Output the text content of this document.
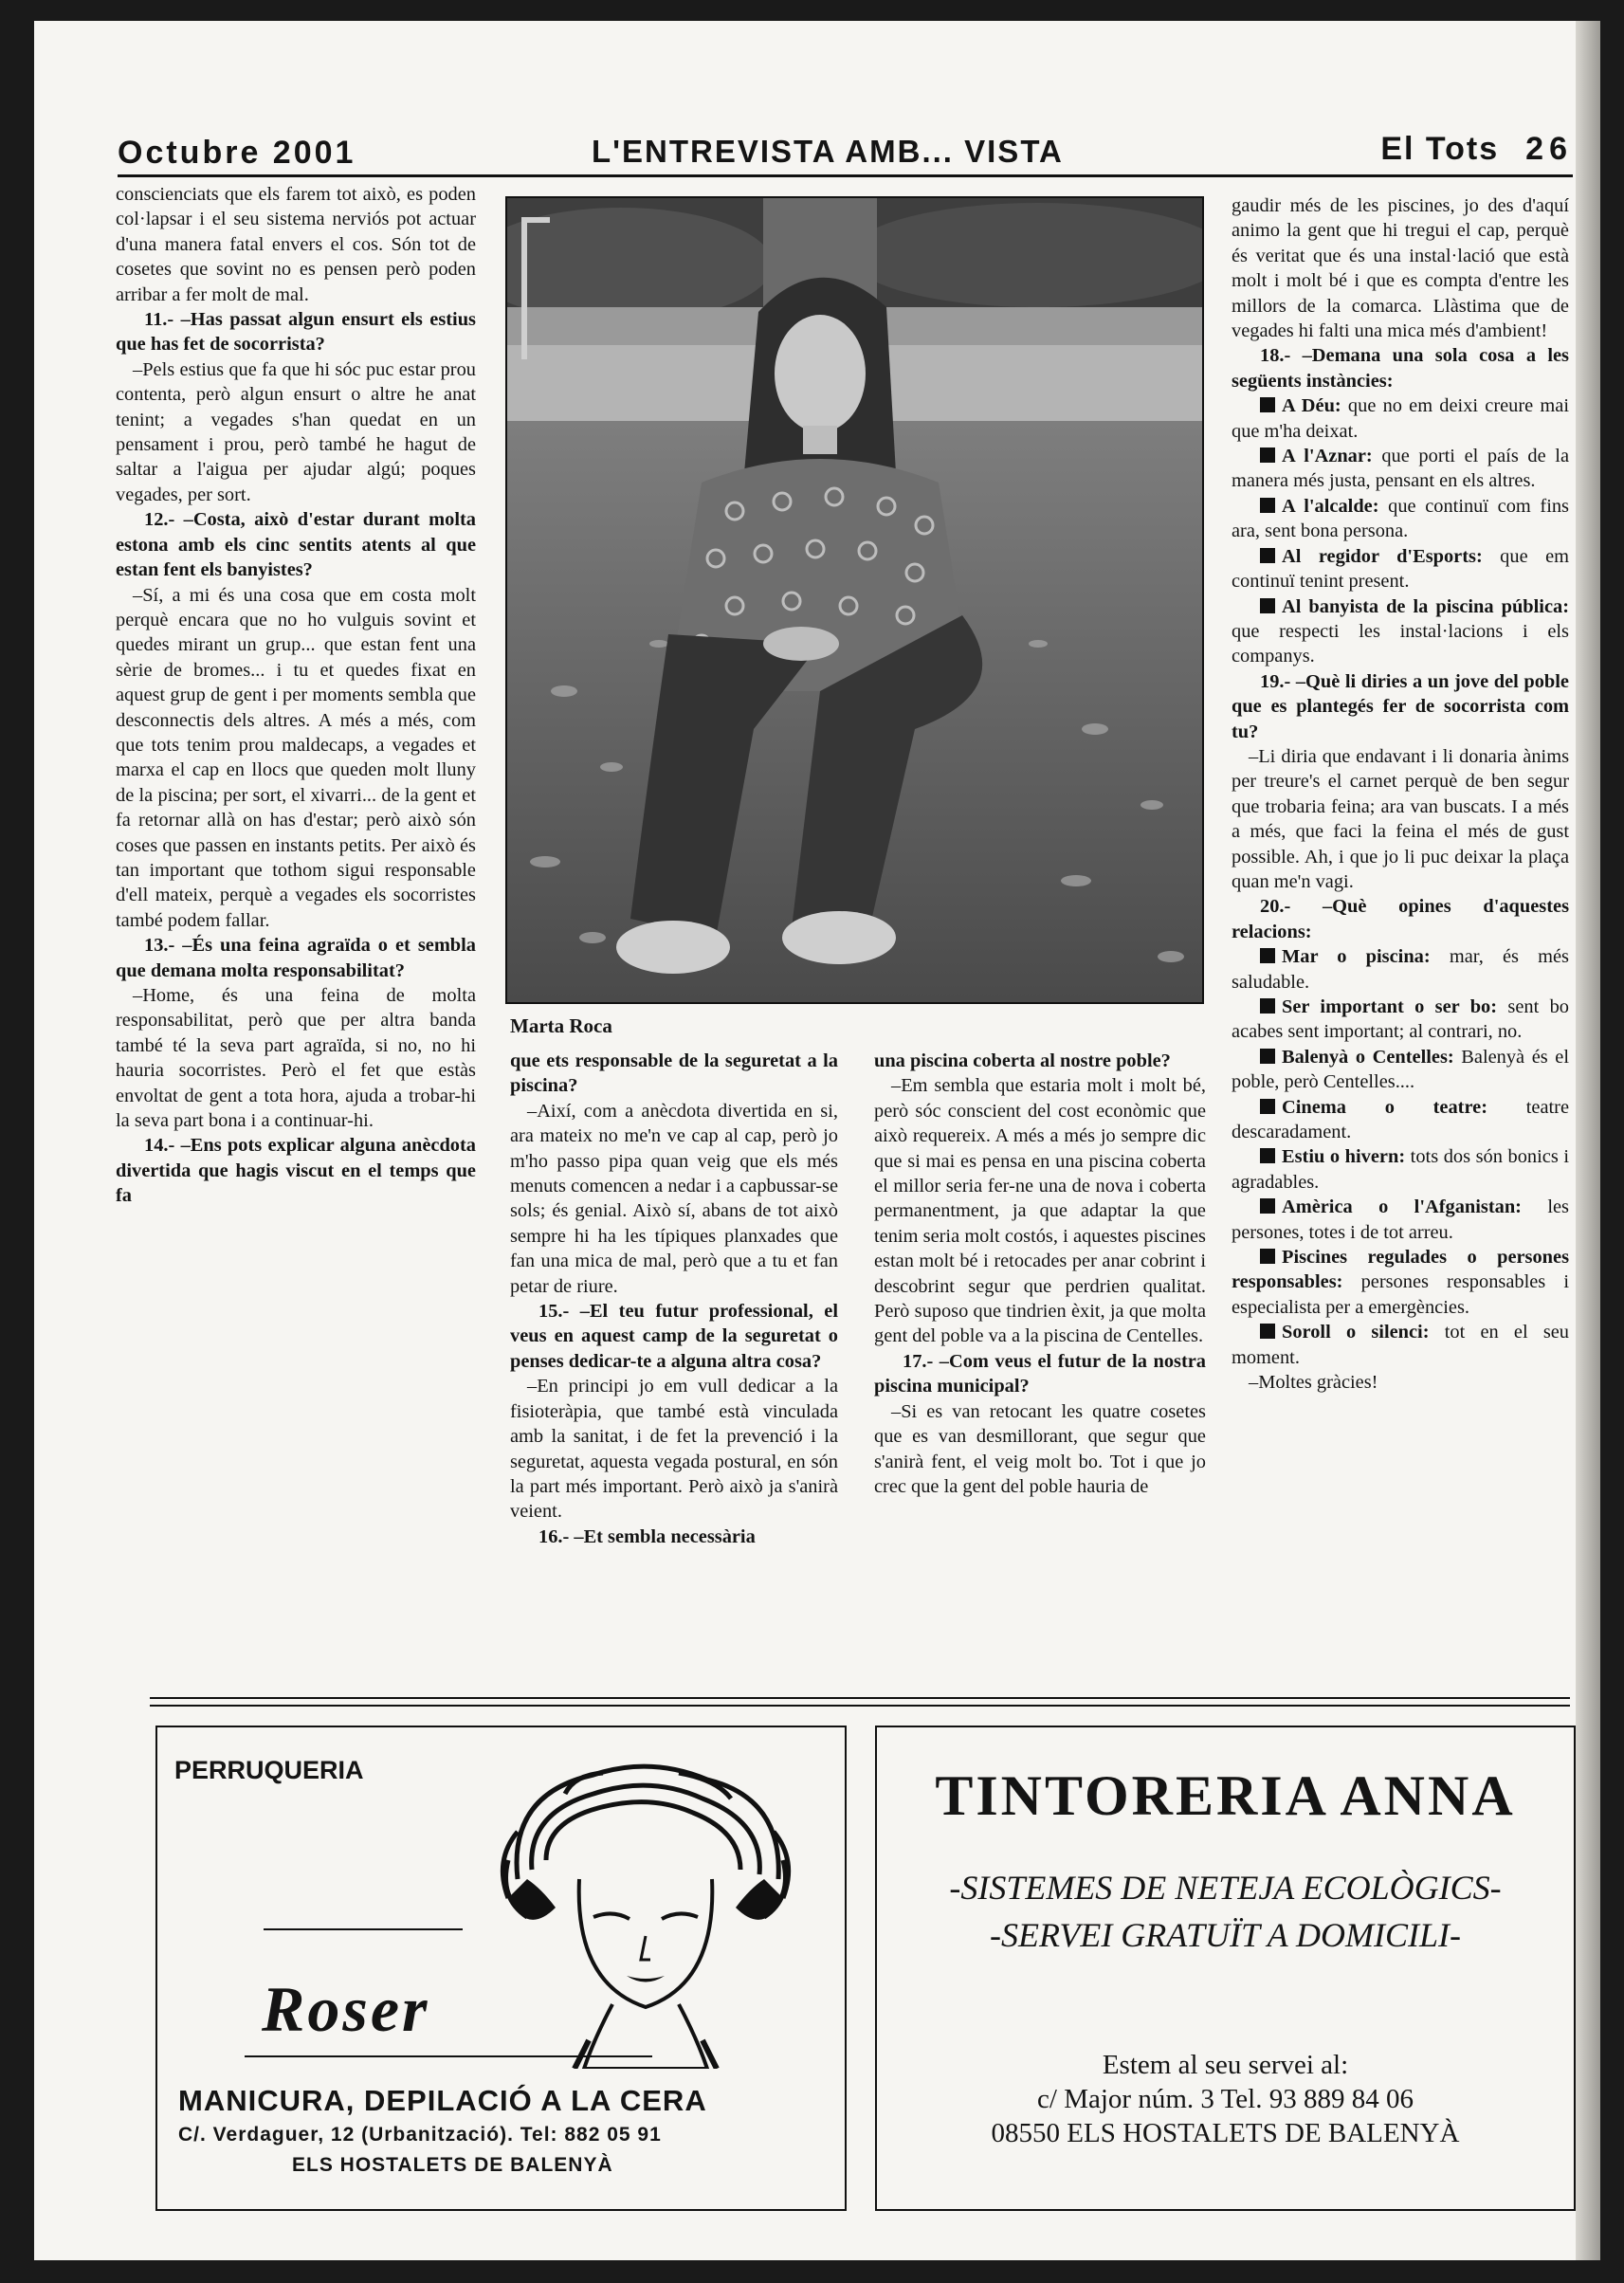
Octubre 2001	L'ENTREVISTA AMB... VISTA	El Tots 26

conscienciats que els farem tot això, es poden col·lapsar i el seu sistema nerviós pot actuar d'una manera fatal envers el cos. Són tot de cosetes que sovint no es pensen però poden arribar a fer molt de mal.

11.- –Has passat algun ensurt els estius que has fet de socorrista?

–Pels estius que fa que hi sóc puc estar prou contenta, però algun ensurt o altre he anat tenint; a vegades s'han quedat en un pensament i prou, però també he hagut de saltar a l'aigua per ajudar algú; poques vegades, per sort.

12.- –Costa, això d'estar durant molta estona amb els cinc sentits atents al que estan fent els banyistes?

–Sí, a mi és una cosa que em costa molt perquè encara que no ho vulguis sovint et quedes mirant un grup... que estan fent una sèrie de bromes... i tu et quedes fixat en aquest grup de gent i per moments sembla que desconnectis dels altres. A més a més, com que tots tenim prou maldecaps, a vegades et marxa el cap en llocs que queden molt lluny de la piscina; per sort, el xivarri... de la gent et fa retornar allà on has d'estar; però això són coses que passen en instants petits. Per això és tan important que tothom sigui responsable d'ell mateix, perquè a vegades els socorristes també podem fallar.

13.- –És una feina agraïda o et sembla que demana molta responsabilitat?

–Home, és una feina de molta responsabilitat, però que per altra banda també té la seva part agraïda, si no, no hi hauria socorristes. Però el fet que estàs envoltat de gent a tota hora, ajuda a trobar-hi la seva part bona i a continuar-hi.

14.- –Ens pots explicar alguna anècdota divertida que hagis viscut en el temps que fa

Marta Roca

que ets responsable de la seguretat a la piscina?

–Així, com a anècdota divertida en si, ara mateix no me'n ve cap al cap, però jo m'ho passo pipa quan veig que els més menuts comencen a nedar i a capbussar-se sols; és genial. Això sí, abans de tot això sempre hi ha les típiques planxades que fan una mica de mal, però que a tu et fan petar de riure.

15.- –El teu futur professional, el veus en aquest camp de la seguretat o penses dedicar-te a alguna altra cosa?

–En principi jo em vull dedicar a la fisioteràpia, que també està vinculada amb la sanitat, i de fet la prevenció i la seguretat, aquesta vegada postural, en són la part més important. Però això ja s'anirà veient.

16.- –Et sembla necessària

una piscina coberta al nostre poble?

–Em sembla que estaria molt i molt bé, però sóc conscient del cost econòmic que això requereix. A més a més jo sempre dic que si mai es pensa en una piscina coberta el millor seria fer-ne una de nova i coberta permanentment, ja que adaptar la que tenim seria molt costós, i aquestes piscines estan molt bé i retocades per anar cobrint i descobrint segur que perdrien qualitat. Però suposo que tindrien èxit, ja que molta gent del poble va a la piscina de Centelles.

17.- –Com veus el futur de la nostra piscina municipal?

–Si es van retocant les quatre cosetes que es van desmillorant, que segur que s'anirà fent, el veig molt bo. Tot i que jo crec que la gent del poble hauria de

gaudir més de les piscines, jo des d'aquí animo la gent que hi tregui el cap, perquè és veritat que és una instal·lació que està molt i molt bé i que es compta d'entre les millors de la comarca. Llàstima que de vegades hi falti una mica més d'ambient!

18.- –Demana una sola cosa a les següents instàncies:

A Déu: que no em deixi creure mai que m'ha deixat.

A l'Aznar: que porti el país de la manera més justa, pensant en els altres.

A l'alcalde: que continuï com fins ara, sent bona persona.

Al regidor d'Esports: que em continuï tenint present.

Al banyista de la piscina pública: que respecti les instal·lacions i els companys.

19.- –Què li diries a un jove del poble que es plantegés fer de socorrista com tu?

–Li diria que endavant i li donaria ànims per treure's el carnet perquè de ben segur que trobaria feina; ara van buscats. I a més a més, que faci la feina el més de gust possible. Ah, i que jo li puc deixar la plaça quan me'n vagi.

20.- –Què opines d'aquestes relacions:

Mar o piscina: mar, és més saludable.

Ser important o ser bo: sent bo acabes sent important; al contrari, no.

Balenyà o Centelles: Balenyà és el poble, però Centelles....

Cinema o teatre: teatre descaradament.

Estiu o hivern: tots dos són bonics i agradables.

Amèrica o l'Afganistan: les persones, totes i de tot arreu.

Piscines regulades o persones responsables: persones responsables i especialista per a emergències.

Soroll o silenci: tot en el seu moment.

–Moltes gràcies!

PERRUQUERIA
Roser
MANICURA, DEPILACIÓ A LA CERA
C/. Verdaguer, 12 (Urbanització). Tel: 882 05 91
ELS HOSTALETS DE BALENYÀ
TINTORERIA ANNA
-SISTEMES DE NETEJA ECOLÒGICS-
-SERVEI GRATUÏT A DOMICILI-
Estem al seu servei al:
c/ Major núm. 3 Tel. 93 889 84 06
08550 ELS HOSTALETS DE BALENYÀ
